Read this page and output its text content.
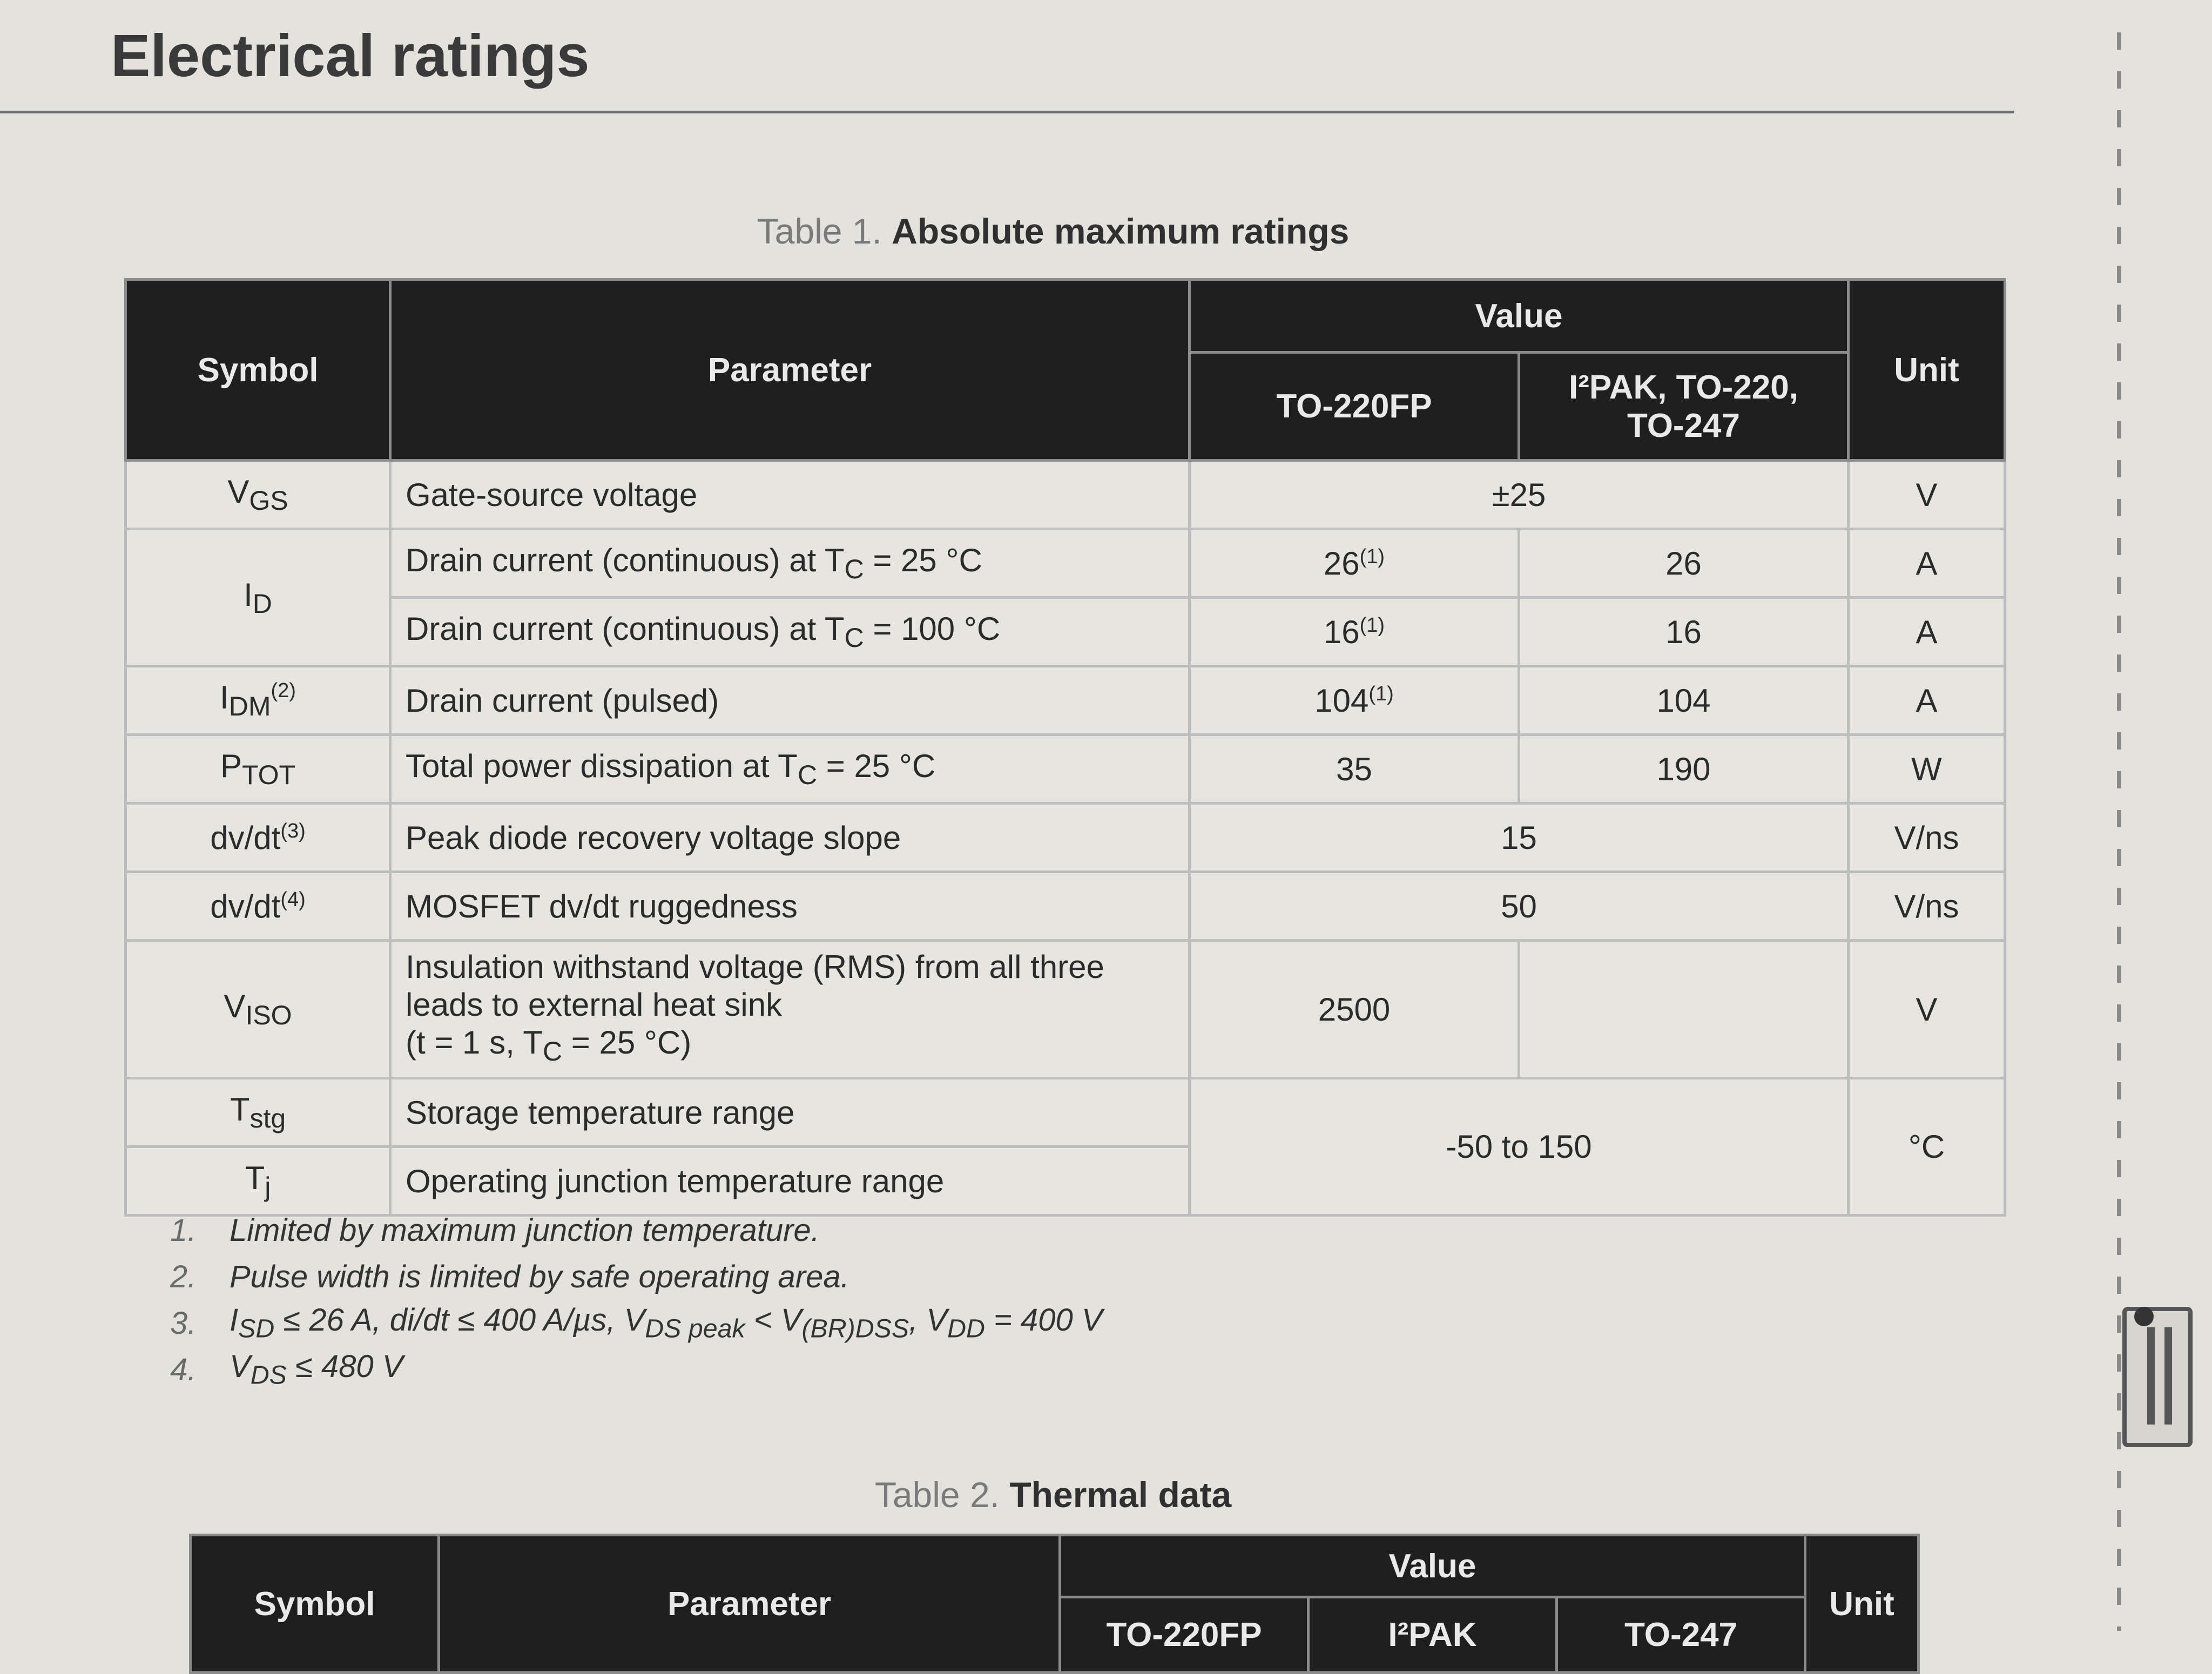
Electrical ratings
Table 1. Absolute maximum ratings
Symbol	Parameter	Value		Unit
		TO-220FP	I²PAK, TO-220,
TO-247	
$V_{GS}$	Gate-source voltage	±25		V
$I_D$	Drain current (continuous) at $T_C = 25$ °C	26$^{(1)}$	26	A
	Drain current (continuous) at $T_C = 100$ °C	16$^{(1)}$	16	A
$I_{DM}^{(2)}$	Drain current (pulsed)	104$^{(1)}$	104	A
$P_{TOT}$	Total power dissipation at $T_C = 25$ °C	35	190	W
dv/dt$^{(3)}$	Peak diode recovery voltage slope	15		V/ns
dv/dt$^{(4)}$	MOSFET dv/dt ruggedness	50		V/ns
$V_{ISO}$	Insulation withstand voltage (RMS) from all three
leads to external heat sink
(t = 1 s, $T_C = 25$ °C)	2500		V
$T_{stg}$	Storage temperature range	-50 to 150		°C
$T_j$	Operating junction temperature range			
1.	Limited by maximum junction temperature.
2.	Pulse width is limited by safe operating area.
3.	$I_{SD} \le 26$ A, di/dt ≤ 400 A/µs, $V_{DS peak} < V_{(BR)DSS}$, $V_{DD} = 400$ V
4.	$V_{DS} \le 480$ V
Table 2. Thermal data
Symbol	Parameter	Value			Unit
		TO-220FP	I²PAK	TO-247	
